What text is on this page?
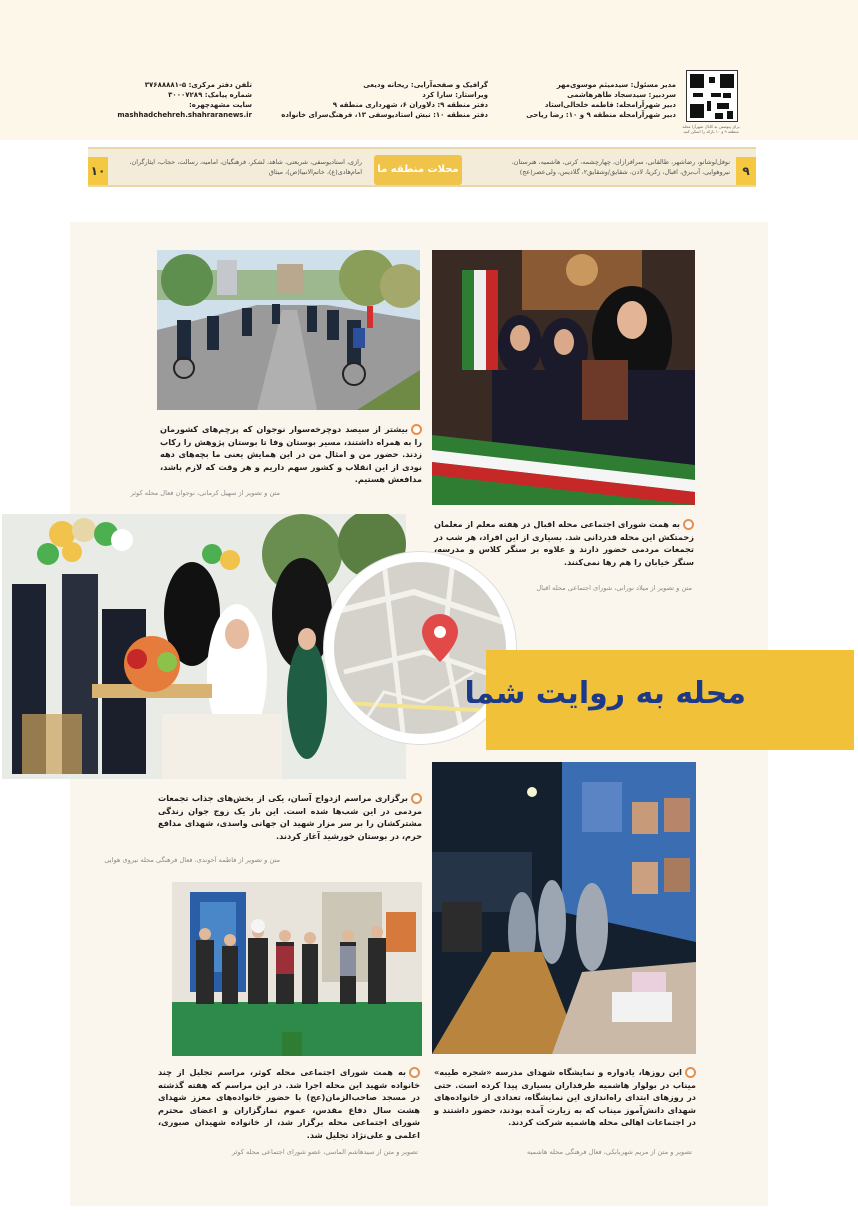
برای پیوستن به کانال شهرآرا محله منطقه ۹ و ۱۰ بارکد را اسکن کنید
مدیر مسئول: سیدمیثم موسوی‌مهر
سردبیر: سیدسجاد طاهرهاشمی
دبیر شهرآرامحله: فاطمه خلخالی‌استاد
دبیر شهرآرامحله منطقه ۹ و ۱۰: رضا ریاحی
گرافیک و صفحه‌آرایی: ریحانه ودیعی
ویراستار: سارا کرد
دفتر منطقه ۹: دلاوران ۶، شهرداری منطقه ۹
دفتر منطقه ۱۰: نبش استادیوسفی ۱۳، فرهنگ‌سرای خانواده
تلفن دفتر مرکزی: ۵-۳۷۶۸۸۸۸۱
شماره پیامک: ۳۰۰۰۷۲۸۹
سایت مشهدچهره:
mashhadchehreh.shahraranews.ir
۹
نوفل‌لوشاتو، رضاشهر، طالقانی، سرافرازان، چهارچشمه، کرتی، هاشمیه، هنرستان، نیروهوایی، آب‌برق، اقبال، زکریا، لادن، شقایق/وشقایق۲، گلادیس، ولی‌عصر(عج)
محلات منطقه ما
رازی، استادیوسفی، شریعتی، شاهد، لشکر، فرهنگیان، امامیه، رسالت، حجاب، ایثارگران، امام‌هادی(ع)، خاتم‌الانبیا(ص)، میثاق
۱۰
بیشتر از سیصد دوچرخه‌سوار نوجوان که پرچم‌های کشورمان را به همراه داشتند، مسیر بوستان وفا تا بوستان پژوهش را رکاب زدند. حضور من و امثال من در این همایش یعنی ما بچه‌های دهه نودی از این انقلاب و کشور سهم داریم و هر وقت که لازم باشد، مدافعش هستیم.
متن و تصویر از سهیل کرمانی، نوجوان فعال محله کوثر
به همت شورای اجتماعی محله اقبال در هفته معلم از معلمان زحمتکش این محله قدردانی شد. بسیاری از این افراد، هر شب در تجمعات مردمی حضور دارند و علاوه بر سنگر کلاس و مدرسه، سنگر خیابان را هم رها نمی‌کنند.
متن و تصویر از میلاد نورانی، شورای اجتماعی محله اقبال
محله به روایت شما
برگزاری مراسم ازدواج آسان، یکی از بخش‌های جذاب تجمعات مردمی در این شب‌ها شده است. این بار یک زوج جوان زندگی مشترکشان را بر سر مزار شهید ان جهانی واسدی، شهدای مدافع حرم، در بوستان خورشید آغاز کردند.
متن و تصویر از فاطمه آخوندی، فعال فرهنگی محله نیروی هوایی
این روزها، یادواره و نمایشگاه شهدای مدرسه «شجره طیبه» میناب در بولوار هاشمیه طرفداران بسیاری پیدا کرده است. حتی در روزهای ابتدای راه‌اندازی این نمایشگاه، تعدادی از خانواده‌های شهدای دانش‌آموز میناب که به زیارت آمده بودند، حضور داشتند و در اجتماعات اهالی محله هاشمیه شرکت کردند.
تصویر و متن از مریم شهربابکی، فعال فرهنگی محله هاشمیه
به همت شورای اجتماعی محله کوثر، مراسم تجلیل از چند خانواده شهید این محله اجرا شد. در این مراسم که هفته گذشته در مسجد صاحب‌الزمان(عج) با حضور خانواده‌های معزز شهدای هشت سال دفاع مقدس، عموم نمازگزاران و اعضای محترم شورای اجتماعی محله برگزار شد، از خانواده شهیدان صبوری، اعلمی و علی‌نژاد تجلیل شد.
تصویر و متن از سیدهاشم الماسی، عضو شورای اجتماعی محله کوثر
